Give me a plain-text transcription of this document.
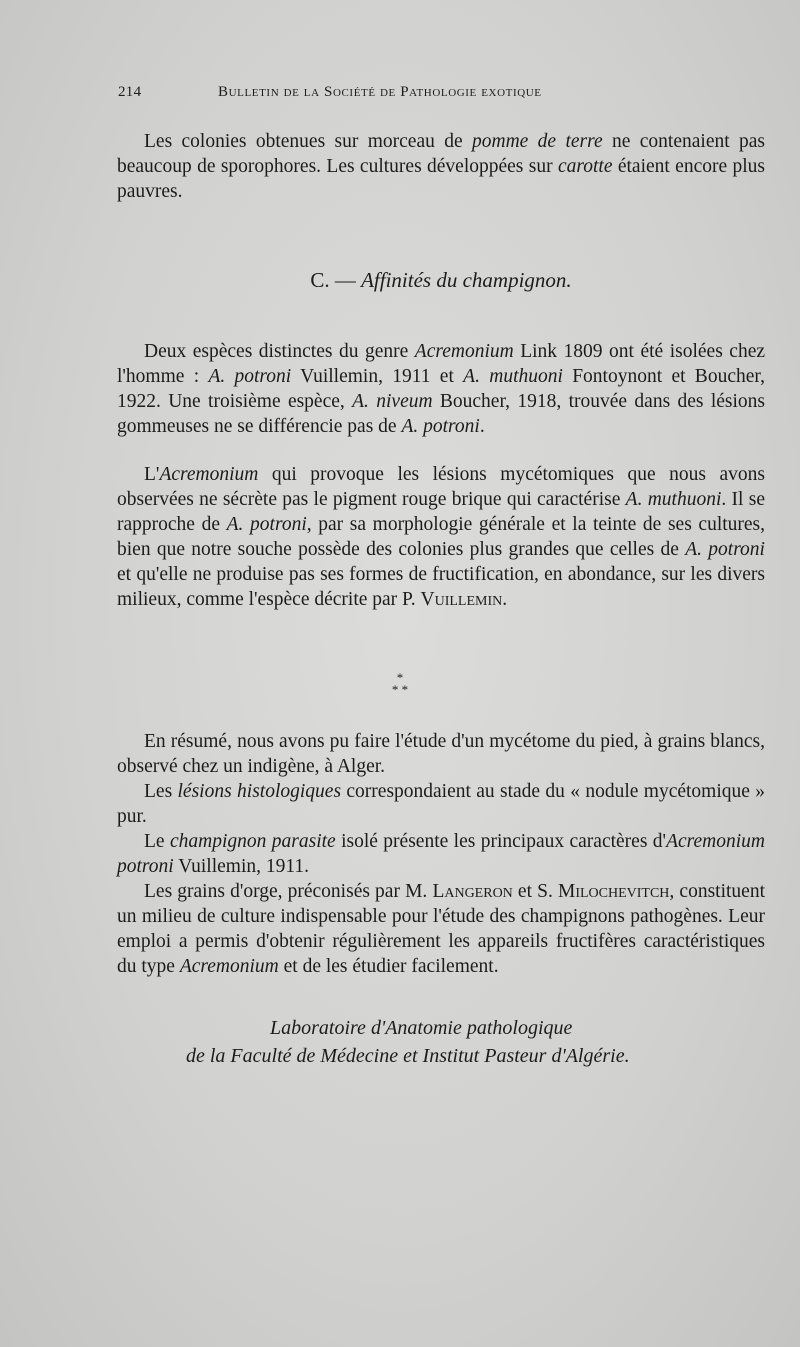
214	Bulletin de la Société de Pathologie exotique

Les colonies obtenues sur morceau de pomme de terre ne contenaient pas beaucoup de sporophores. Les cultures développées sur carotte étaient encore plus pauvres.

C. — Affinités du champignon.

Deux espèces distinctes du genre Acremonium Link 1809 ont été isolées chez l'homme : A. potroni Vuillemin, 1911 et A. muthuoni Fontoynont et Boucher, 1922. Une troisième espèce, A. niveum Boucher, 1918, trouvée dans des lésions gommeuses ne se différencie pas de A. potroni.

L'Acremonium qui provoque les lésions mycétomiques que nous avons observées ne sécrète pas le pigment rouge brique qui caractérise A. muthuoni. Il se rapproche de A. potroni, par sa morphologie générale et la teinte de ses cultures, bien que notre souche possède des colonies plus grandes que celles de A. potroni et qu'elle ne produise pas ses formes de fructification, en abondance, sur les divers milieux, comme l'espèce décrite par P. Vuillemin.

*
* *

En résumé, nous avons pu faire l'étude d'un mycétome du pied, à grains blancs, observé chez un indigène, à Alger.

Les lésions histologiques correspondaient au stade du « nodule mycétomique » pur.

Le champignon parasite isolé présente les principaux caractères d'Acremonium potroni Vuillemin, 1911.

Les grains d'orge, préconisés par M. Langeron et S. Milochevitch, constituent un milieu de culture indispensable pour l'étude des champignons pathogènes. Leur emploi a permis d'obtenir régulièrement les appareils fructifères caractéristiques du type Acremonium et de les étudier facilement.

Laboratoire d'Anatomie pathologique
de la Faculté de Médecine et Institut Pasteur d'Algérie.
